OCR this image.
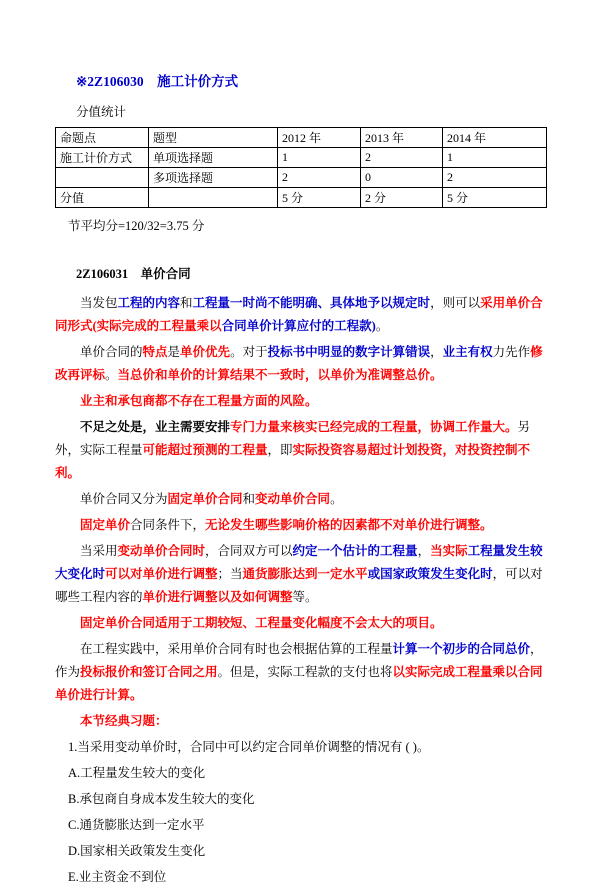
※2Z106030　施工计价方式
分值统计
命题点	题型	2012 年	2013 年	2014 年
施工计价方式	单项选择题	1	2	1
	多项选择题	2	0	2
分值		5 分	2 分	5 分
节平均分=120/32=3.75 分
2Z106031　单价合同

当发包工程的内容和工程量一时尚不能明确、具体地予以规定时，则可以采用单价合同形式(实际完成的工程量乘以合同单价计算应付的工程款)。

单价合同的特点是单价优先。对于投标书中明显的数字计算错误，业主有权力先作修改再评标。当总价和单价的计算结果不一致时，以单价为准调整总价。

业主和承包商都不存在工程量方面的风险。

不足之处是，业主需要安排专门力量来核实已经完成的工程量，协调工作量大。另外，实际工程量可能超过预测的工程量，即实际投资容易超过计划投资，对投资控制不利。

单价合同又分为固定单价合同和变动单价合同。

固定单价合同条件下，无论发生哪些影响价格的因素都不对单价进行调整。

当采用变动单价合同时，合同双方可以约定一个估计的工程量，当实际工程量发生较大变化时可以对单价进行调整；当通货膨胀达到一定水平或国家政策发生变化时，可以对哪些工程内容的单价进行调整以及如何调整等。

固定单价合同适用于工期较短、工程量变化幅度不会太大的项目。

在工程实践中，采用单价合同有时也会根据估算的工程量计算一个初步的合同总价，作为投标报价和签订合同之用。但是，实际工程款的支付也将以实际完成工程量乘以合同单价进行计算。

本节经典习题：

1.当采用变动单价时，合同中可以约定合同单价调整的情况有 ( )。

A.工程量发生较大的变化

B.承包商自身成本发生较大的变化

C.通货膨胀达到一定水平

D.国家相关政策发生变化

E.业主资金不到位
